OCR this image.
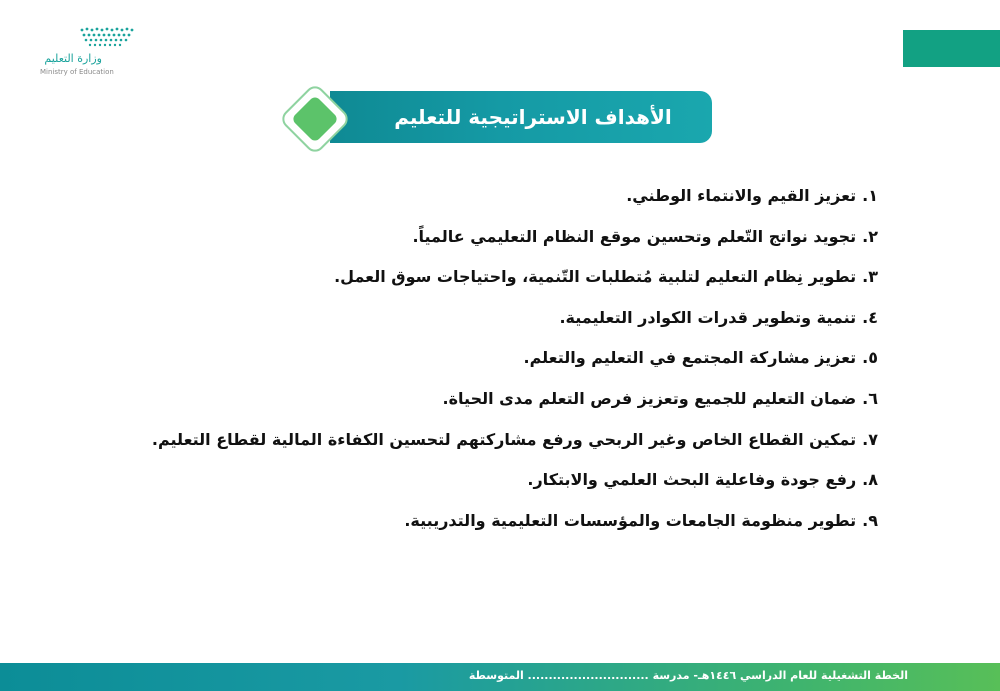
وزارة التعليم
Ministry of Education
الأهداف الاستراتيجية للتعليم
١.تعزيز القيم والانتماء الوطني.
٢.تجويد نواتج التّعلم وتحسين موقع النظام التعليمي عالمياً.
٣.تطوير نِظام التعليم لتلبية مُتطلبات التّنمية، واحتياجات سوق العمل.
٤.تنمية وتطوير قدرات الكوادر التعليمية.
٥.تعزيز مشاركة المجتمع في التعليم والتعلم.
٦.ضمان التعليم للجميع وتعزيز فرص التعلم مدى الحياة.
٧.تمكين القطاع الخاص وغير الربحي ورفع مشاركتهم لتحسين الكفاءة المالية لقطاع التعليم.
٨.رفع جودة وفاعلية البحث العلمي والابتكار.
٩.تطوير منظومة الجامعات والمؤسسات التعليمية والتدريبية.
الخطة التشغيلية للعام الدراسي ١٤٤٦هـ- مدرسة ............................. المتوسطة
